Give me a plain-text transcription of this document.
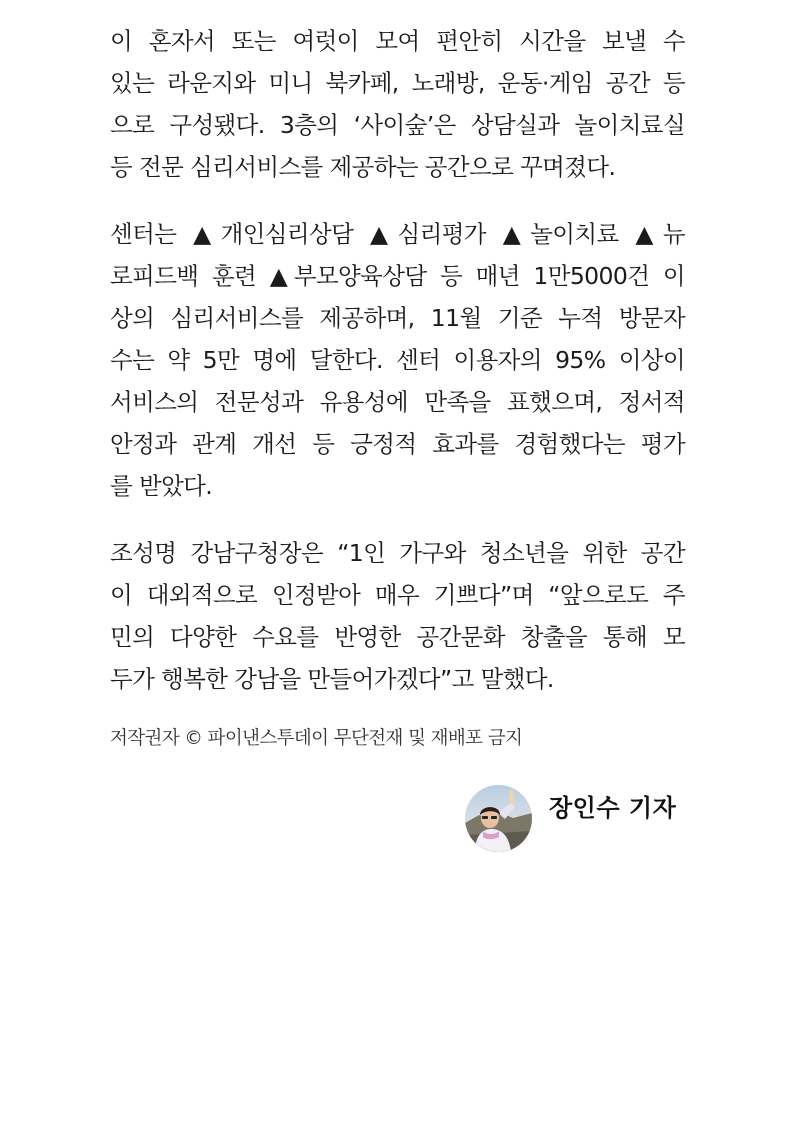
이 혼자서 또는 여럿이 모여 편안히 시간을 보낼 수
있는 라운지와 미니 북카페, 노래방, 운동·게임 공간 등
으로 구성됐다. 3층의 ‘사이숲’은 상담실과 놀이치료실
등 전문 심리서비스를 제공하는 공간으로 꾸며졌다.

센터는 ▲개인심리상담 ▲심리평가 ▲놀이치료 ▲뉴
로피드백 훈련 ▲부모양육상담 등 매년 1만5000건 이
상의 심리서비스를 제공하며, 11월 기준 누적 방문자
수는 약 5만 명에 달한다. 센터 이용자의 95% 이상이
서비스의 전문성과 유용성에 만족을 표했으며, 정서적
안정과 관계 개선 등 긍정적 효과를 경험했다는 평가
를 받았다.

조성명 강남구청장은 “1인 가구와 청소년을 위한 공간
이 대외적으로 인정받아 매우 기쁘다”며 “앞으로도 주
민의 다양한 수요를 반영한 공간문화 창출을 통해 모
두가 행복한 강남을 만들어가겠다”고 말했다.

저작권자 © 파이낸스투데이 무단전재 및 재배포 금지

장인수 기자
